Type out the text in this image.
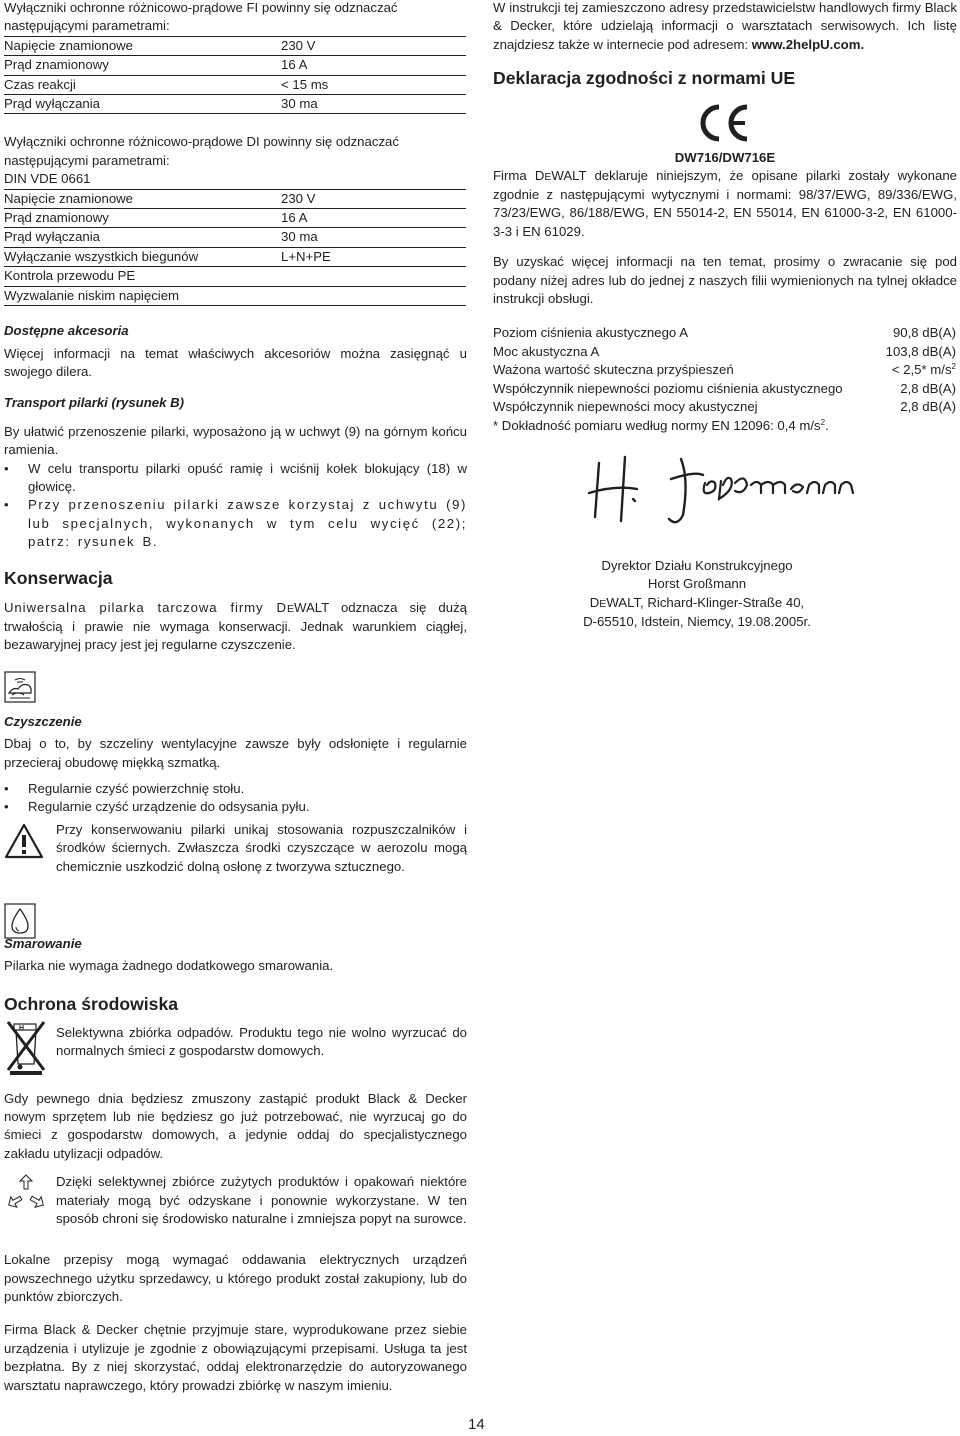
Wyłączniki ochronne różnicowo-prądowe FI powinny się odznaczać następującymi parametrami:

Napięcie znamionowe	230 V
Prąd znamionowy	16 A
Czas reakcji	< 15 ms
Prąd wyłączania	30 ma

Wyłączniki ochronne różnicowo-prądowe DI powinny się odznaczać następującymi parametrami:

DIN VDE 0661	
Napięcie znamionowe	230 V
Prąd znamionowy	16 A
Prąd wyłączania	30 ma
Wyłączanie wszystkich biegunów	L+N+PE
Kontrola przewodu PE	
Wyzwalanie niskim napięciem	

Dostępne akcesoria

Więcej informacji na temat właściwych akcesoriów można zasięgnąć u swojego dilera.

Transport pilarki (rysunek B)

By ułatwić przenoszenie pilarki, wyposażono ją w uchwyt (9) na górnym końcu ramienia.

• W celu transportu pilarki opuść ramię i wciśnij kołek blokujący (18) w głowicę.
• Przy przenoszeniu pilarki zawsze korzystaj z uchwytu (9) lub specjalnych, wykonanych w tym celu wycięć (22); patrz: rysunek B.

Konserwacja

Uniwersalna pilarka tarczowa firmy DEWALT odznacza się dużą trwałością i prawie nie wymaga konserwacji. Jednak warunkiem ciągłej, bezawaryjnej pracy jest jej regularne czyszczenie.

Czyszczenie

Dbaj o to, by szczeliny wentylacyjne zawsze były odsłonięte i regularnie przecieraj obudowę miękką szmatką.

• Regularnie czyść powierzchnię stołu.
• Regularnie czyść urządzenie do odsysania pyłu.

Przy konserwowaniu pilarki unikaj stosowania rozpuszczalników i środków ściernych. Zwłaszcza środki czyszczące w aerozolu mogą chemicznie uszkodzić dolną osłonę z tworzywa sztucznego.

Smarowanie

Pilarka nie wymaga żadnego dodatkowego smarowania.

Ochrona środowiska

H Selektywna zbiórka odpadów. Produktu tego nie wolno wyrzucać do normalnych śmieci z gospodarstw domowych.

Gdy pewnego dnia będziesz zmuszony zastąpić produkt Black & Decker nowym sprzętem lub nie będziesz go już potrzebować, nie wyrzucaj go do śmieci z gospodarstw domowych, a jedynie oddaj do specjalistycznego zakładu utylizacji odpadów.

Dzięki selektywnej zbiórce zużytych produktów i opakowań niektóre materiały mogą być odzyskane i ponownie wykorzystane. W ten sposób chroni się środowisko naturalne i zmniejsza popyt na surowce.

Lokalne przepisy mogą wymagać oddawania elektrycznych urządzeń powszechnego użytku sprzedawcy, u którego produkt został zakupiony, lub do punktów zbiorczych.

Firma Black & Decker chętnie przyjmuje stare, wyprodukowane przez siebie urządzenia i utylizuje je zgodnie z obowiązującymi przepisami. Usługa ta jest bezpłatna. By z niej skorzystać, oddaj elektronarzędzie do autoryzowanego warsztatu naprawczego, który prowadzi zbiórkę w naszym imieniu.

W instrukcji tej zamieszczono adresy przedstawicielstw handlowych firmy Black & Decker, które udzielają informacji o warsztatach serwisowych. Ich listę znajdziesz także w internecie pod adresem: www.2helpU.com.

Deklaracja zgodności z normami UE

DW716/DW716E

Firma DEWALT deklaruje niniejszym, że opisane pilarki zostały wykonane zgodnie z następującymi wytycznymi i normami: 98/37/EWG, 89/336/EWG, 73/23/EWG, 86/188/EWG, EN 55014-2, EN 55014, EN 61000-3-2, EN 61000-3-3 i EN 61029.

By uzyskać więcej informacji na ten temat, prosimy o zwracanie się pod podany niżej adres lub do jednej z naszych filii wymienionych na tylnej okładce instrukcji obsługi.

Poziom ciśnienia akustycznego A	90,8 dB(A)
Moc akustyczna A	103,8 dB(A)
Ważona wartość skuteczna przyśpieszeń	< 2,5* $m/s^2$
Współczynnik niepewności poziomu ciśnienia akustycznego	2,8 dB(A)
Współczynnik niepewności mocy akustycznej	2,8 dB(A)

* Dokładność pomiaru według normy EN 12096: 0,4 $m/s^2$.

Dyrektor Działu Konstrukcyjnego

Horst Großmann

DEWALT, Richard-Klinger-Straße 40,

D-65510, Idstein, Niemcy, 19.08.2005r.

14
